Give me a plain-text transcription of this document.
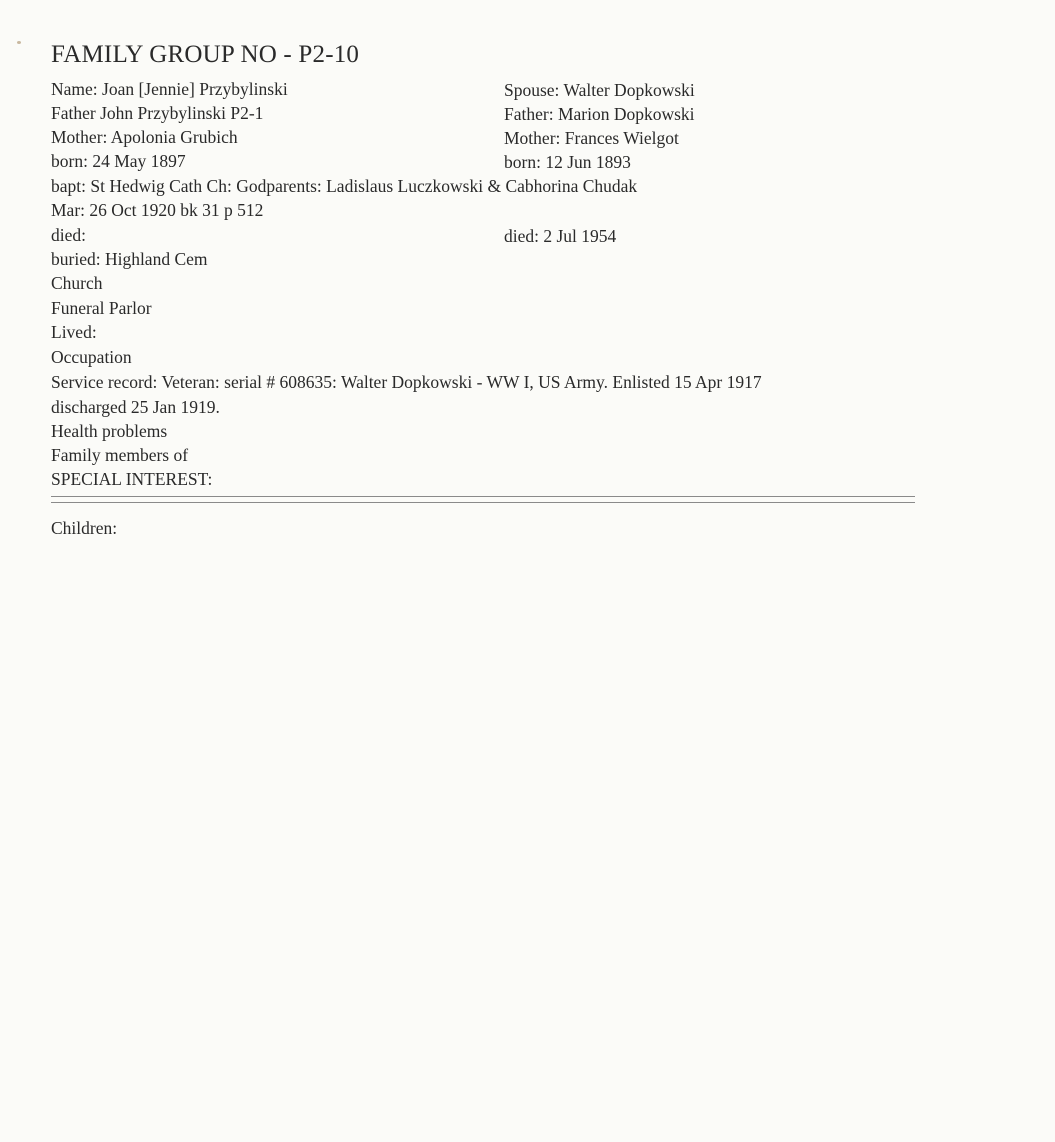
FAMILY GROUP NO - P2-10
Name: Joan [Jennie] Przybylinski	Spouse: Walter Dopkowski
Father John Przybylinski P2-1	Father: Marion Dopkowski
Mother: Apolonia Grubich	Mother: Frances Wielgot
born: 24 May 1897	born: 12 Jun 1893
bapt: St Hedwig Cath Ch: Godparents: Ladislaus Luczkowski & Cabhorina Chudak
Mar: 26 Oct 1920 bk 31 p 512
died:	died: 2 Jul 1954
buried: Highland Cem
Church
Funeral Parlor
Lived:
Occupation
Service record: Veteran: serial # 608635: Walter Dopkowski - WW I, US Army. Enlisted 15 Apr 1917
discharged 25 Jan 1919.
Health problems
Family members of
SPECIAL INTEREST:
Children:
